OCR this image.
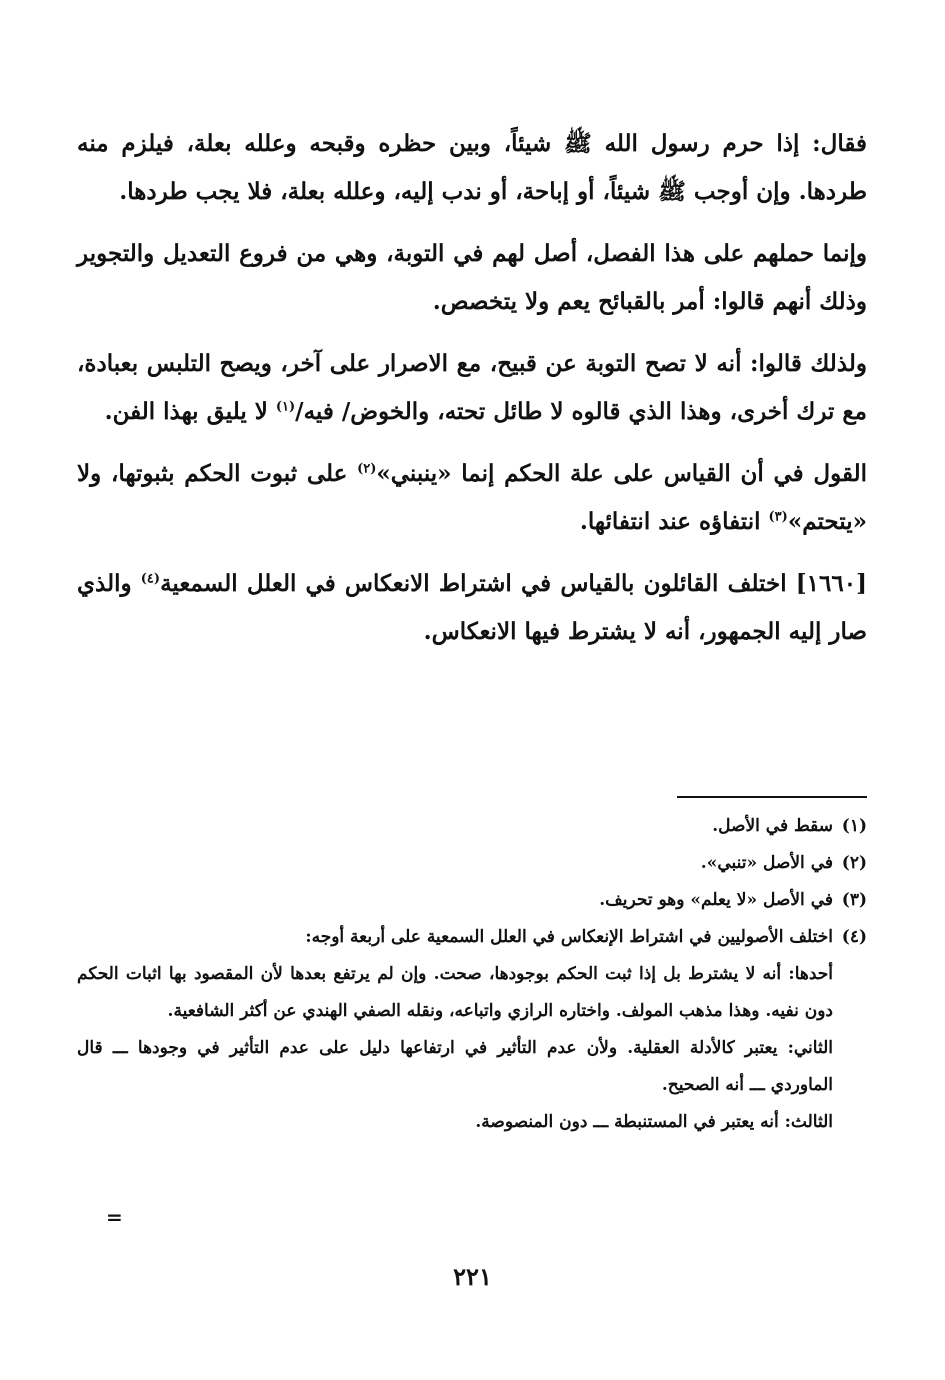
فقال: إذا حرم رسول الله ﷺ شيئاً، وبين حظره وقبحه وعلله بعلة، فيلزم منه طردها. وإن أوجب ﷺ شيئاً، أو إباحة، أو ندب إليه، وعلله بعلة، فلا يجب طردها.

وإنما حملهم على هذا الفصل، أصل لهم في التوبة، وهي من فروع التعديل والتجوير وذلك أنهم قالوا: أمر بالقبائح يعم ولا يتخصص.

ولذلك قالوا: أنه لا تصح التوبة عن قبيح، مع الاصرار على آخر، ويصح التلبس بعبادة، مع ترك أخرى، وهذا الذي قالوه لا طائل تحته، والخوض/ فيه/$^{(١)}$ لا يليق بهذا الفن.

القول في أن القياس على علة الحكم إنما «ينبني»$^{(٢)}$ على ثبوت الحكم بثبوتها، ولا «يتحتم»$^{(٣)}$ انتفاؤه عند انتفائها.

[١٦٦٠] اختلف القائلون بالقياس في اشتراط الانعكاس في العلل السمعية$^{(٤)}$ والذي صار إليه الجمهور، أنه لا يشترط فيها الانعكاس.

(١)
سقط في الأصل.
(٢)
في الأصل «تنبي».
(٣)
في الأصل «لا يعلم» وهو تحريف.
(٤)
اختلف الأصوليين في اشتراط الإنعكاس في العلل السمعية على أربعة أوجه:
أحدها: أنه لا يشترط بل إذا ثبت الحكم بوجودها، صحت. وإن لم يرتفع بعدها لأن المقصود بها اثبات الحكم دون نفيه. وهذا مذهب المولف. واختاره الرازي واتباعه، ونقله الصفي الهندي عن أكثر الشافعية.
الثاني: يعتبر كالأدلة العقلية. ولأن عدم التأثير في ارتفاعها دليل على عدم التأثير في وجودها ـــ قال الماوردي ـــ أنه الصحيح.
الثالث: أنه يعتبر في المستنبطة ـــ دون المنصوصة.
=
٢٢١
